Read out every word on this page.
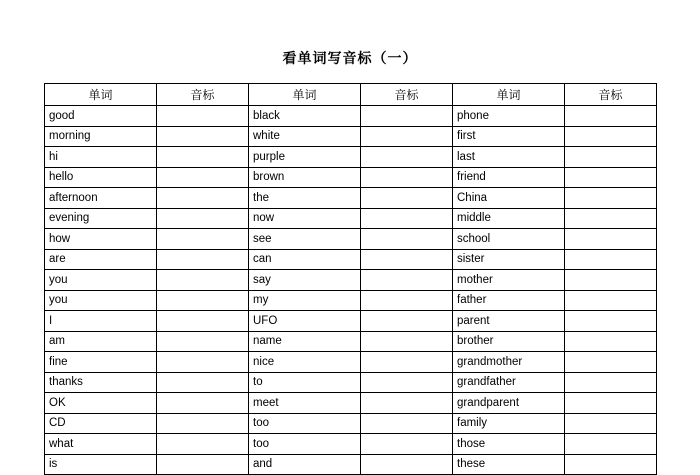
看单词写音标（一）
单词	音标	单词	音标	单词	音标
good		black		phone	
morning		white		first	
hi		purple		last	
hello		brown		friend	
afternoon		the		China	
evening		now		middle	
how		see		school	
are		can		sister	
you		say		mother	
you		my		father	
I		UFO		parent	
am		name		brother	
fine		nice		grandmother	
thanks		to		grandfather	
OK		meet		grandparent	
CD		too		family	
what		too		those	
is		and		these	
